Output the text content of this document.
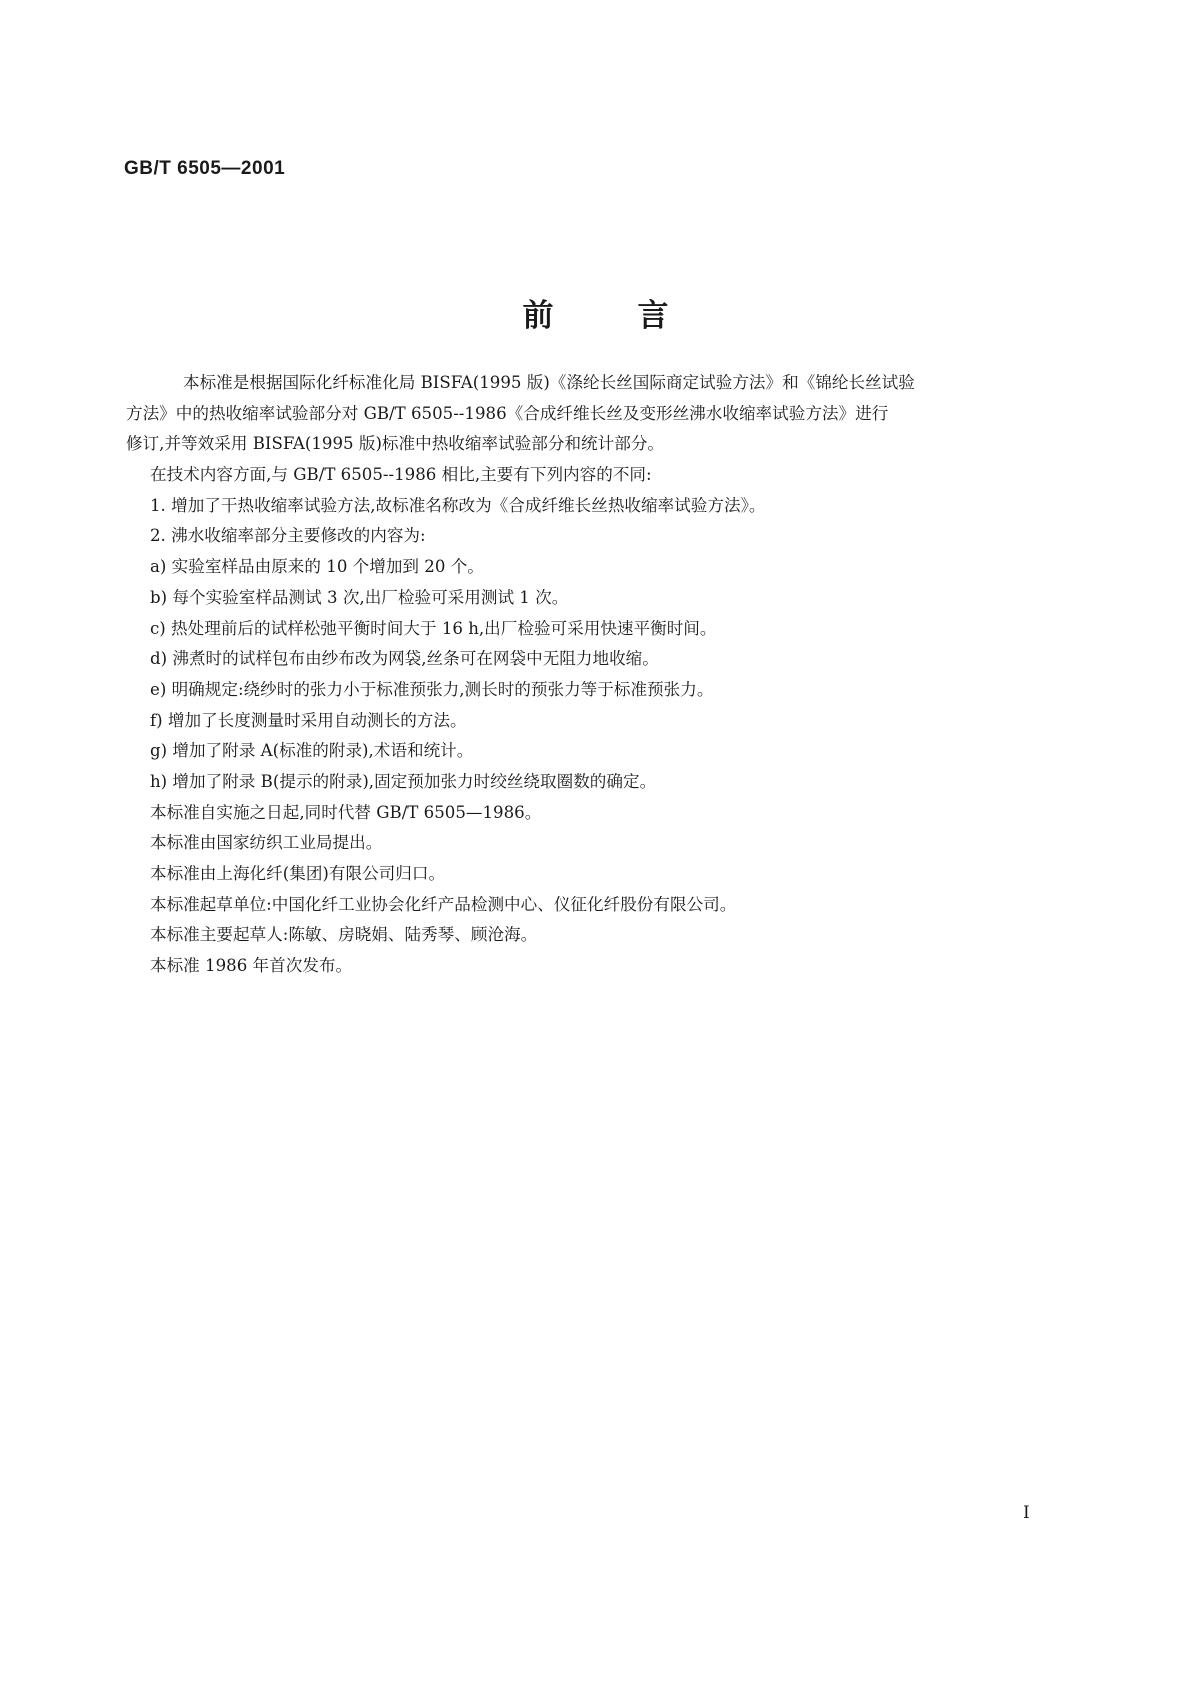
GB/T 6505—2001
前	言
本标准是根据国际化纤标准化局 BISFA(1995 版)《涤纶长丝国际商定试验方法》和《锦纶长丝试验
方法》中的热收缩率试验部分对 GB/T 6505--1986《合成纤维长丝及变形丝沸水收缩率试验方法》进行
修订,并等效采用 BISFA(1995 版)标准中热收缩率试验部分和统计部分。
在技术内容方面,与 GB/T 6505--1986 相比,主要有下列内容的不同:
1. 增加了干热收缩率试验方法,故标准名称改为《合成纤维长丝热收缩率试验方法》。
2. 沸水收缩率部分主要修改的内容为:
a) 实验室样品由原来的 10 个增加到 20 个。
b) 每个实验室样品测试 3 次,出厂检验可采用测试 1 次。
c) 热处理前后的试样松弛平衡时间大于 16 h,出厂检验可采用快速平衡时间。
d) 沸煮时的试样包布由纱布改为网袋,丝条可在网袋中无阻力地收缩。
e) 明确规定:绕纱时的张力小于标准预张力,测长时的预张力等于标准预张力。
f) 增加了长度测量时采用自动测长的方法。
g) 增加了附录 A(标准的附录),术语和统计。
h) 增加了附录 B(提示的附录),固定预加张力时绞丝绕取圈数的确定。
本标准自实施之日起,同时代替 GB/T 6505—1986。
本标准由国家纺织工业局提出。
本标准由上海化纤(集团)有限公司归口。
本标准起草单位:中国化纤工业协会化纤产品检测中心、仪征化纤股份有限公司。
本标准主要起草人:陈敏、房晓娟、陆秀琴、顾沧海。
本标准 1986 年首次发布。
I
